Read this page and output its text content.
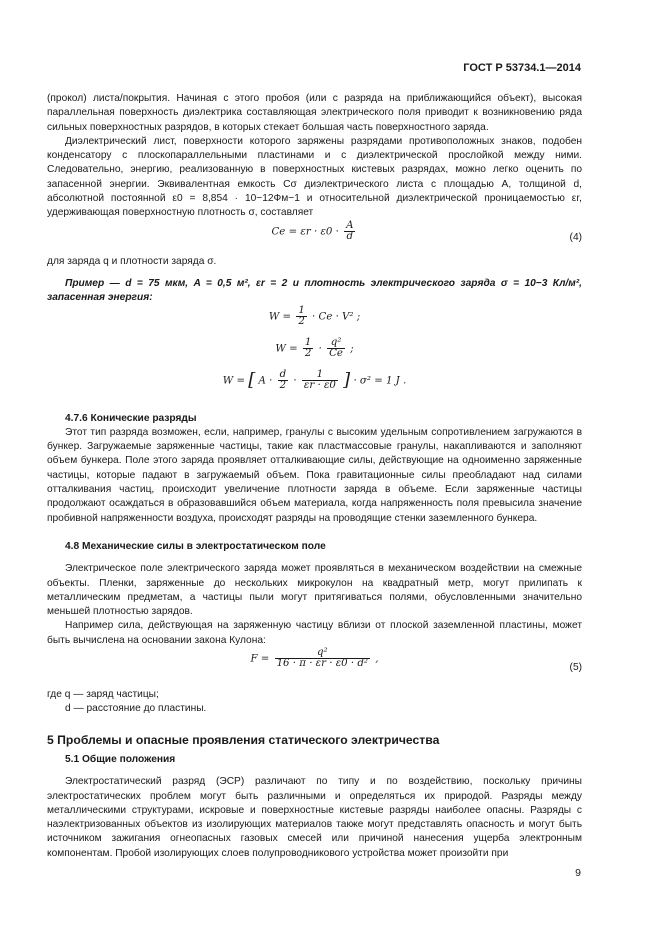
ГОСТ Р 53734.1—2014

(прокол) листа/покрытия. Начиная с этого пробоя (или с разряда на приближающийся объект), высокая параллельная поверхность диэлектрика составляющая электрического поля приводит к возникновению ряда сильных поверхностных разрядов, в которых стекает большая часть поверхностного заряда.

Диэлектрический лист, поверхности которого заряжены разрядами противоположных знаков, подобен конденсатору с плоскопараллельными пластинами и с диэлектрической прослойкой между ними. Следовательно, энергию, реализованную в поверхностных кистевых разрядах, можно легко оценить по запасенной энергии. Эквивалентная емкость Cσ диэлектрического листа с площадью A, толщиной d, абсолютной постоянной ε0 = 8,854 · 10−12Фм−1 и относительной диэлектрической проницаемостью εr, удерживающая поверхностную плотность σ, составляет

$Ce = \varepsilon r \cdot \varepsilon 0 \cdot \frac{A}{d}$	(4)

для заряда q и плотности заряда σ.

Пример — d = 75 мкм, A = 0,5 м², εr = 2 и плотность электрического заряда σ = 10−3 Кл/м², запасенная энергия:

$W = \frac{1}{2} \cdot Ce \cdot V^2$ ;
$W = \frac{1}{2} \cdot \frac{\text{q²}}{Ce}$ ;
W = [ $A \cdot \frac{d}{2} \cdot \frac{1}{\varepsilon r \cdot \varepsilon 0}$ ] · σ² = 1 J .

4.7.6 Конические разряды

Этот тип разряда возможен, если, например, гранулы с высоким удельным сопротивлением загружаются в бункер. Загружаемые заряженные частицы, такие как пластмассовые гранулы, накапливаются и заполняют объем бункера. Поле этого заряда проявляет отталкивающие силы, действующие на одноименно заряженные частицы, которые падают в загружаемый объем. Пока гравитационные силы преобладают над силами отталкивания частиц, происходит увеличение плотности заряда в объеме. Если заряженные частицы продолжают осаждаться в образовавшийся объем материала, когда напряженность поля превысила значение пробивной напряженности воздуха, происходят разряды на проводящие стенки заземленного бункера.

4.8 Механические силы в электростатическом поле

Электрическое поле электрического заряда может проявляться в механическом воздействии на смежные объекты. Пленки, заряженные до нескольких микрокулон на квадратный метр, могут прилипать к металлическим предметам, а частицы пыли могут притягиваться полями, обусловленными значительно меньшей плотностью зарядов.

Например сила, действующая на заряженную частицу вблизи от плоской заземленной пластины, может быть вычислена на основании закона Кулона:

$F = \frac{\text{q²}}{\text{16 · π · εr · ε0 · d²}}$ ,
(5)

где q — заряд частицы;

d — расстояние до пластины.

5 Проблемы и опасные проявления статического электричества

5.1 Общие положения

Электростатический разряд (ЭСР) различают по типу и по воздействию, поскольку причины электростатических проблем могут быть различными и определяться их природой. Разряды между металлическими структурами, искровые и поверхностные кистевые разряды наиболее опасны. Разряды с наэлектризованных объектов из изолирующих материалов также могут представлять опасность и могут быть источником зажигания огнеопасных газовых смесей или причиной нанесения ущерба электронным компонентам. Пробой изолирующих слоев полупроводникового устройства может произойти при

9
